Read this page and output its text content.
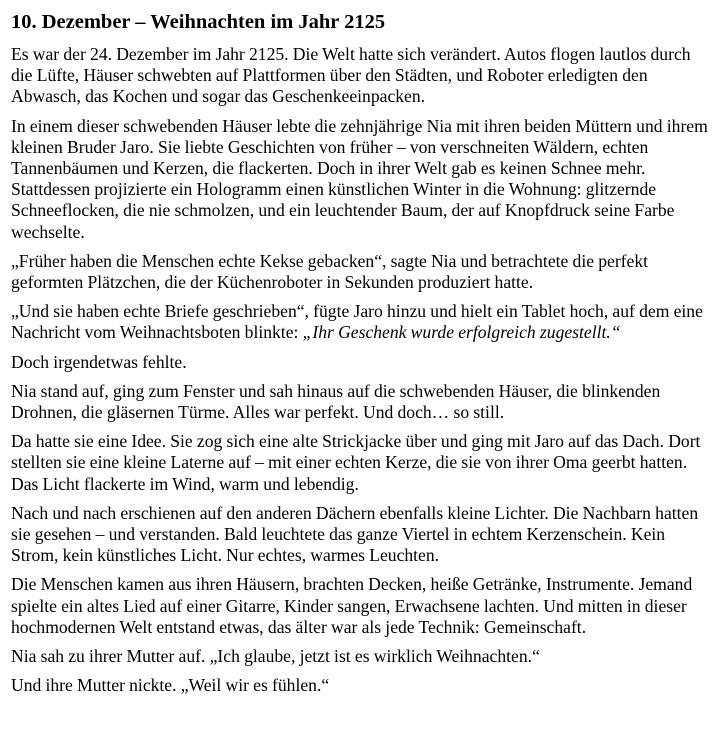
10. Dezember – Weihnachten im Jahr 2125

Es war der 24. Dezember im Jahr 2125. Die Welt hatte sich verändert. Autos flogen lautlos durch die Lüfte, Häuser schwebten auf Plattformen über den Städten, und Roboter erledigten den Abwasch, das Kochen und sogar das Geschenkeeinpacken.

In einem dieser schwebenden Häuser lebte die zehnjährige Nia mit ihren beiden Müttern und ihrem kleinen Bruder Jaro. Sie liebte Geschichten von früher – von verschneiten Wäldern, echten Tannenbäumen und Kerzen, die flackerten. Doch in ihrer Welt gab es keinen Schnee mehr. Stattdessen projizierte ein Hologramm einen künstlichen Winter in die Wohnung: glitzernde Schneeflocken, die nie schmolzen, und ein leuchtender Baum, der auf Knopfdruck seine Farbe wechselte.

„Früher haben die Menschen echte Kekse gebacken“, sagte Nia und betrachtete die perfekt geformten Plätzchen, die der Küchenroboter in Sekunden produziert hatte.

„Und sie haben echte Briefe geschrieben“, fügte Jaro hinzu und hielt ein Tablet hoch, auf dem eine Nachricht vom Weihnachtsboten blinkte: „Ihr Geschenk wurde erfolgreich zugestellt.“

Doch irgendetwas fehlte.

Nia stand auf, ging zum Fenster und sah hinaus auf die schwebenden Häuser, die blinkenden Drohnen, die gläsernen Türme. Alles war perfekt. Und doch… so still.

Da hatte sie eine Idee. Sie zog sich eine alte Strickjacke über und ging mit Jaro auf das Dach. Dort stellten sie eine kleine Laterne auf – mit einer echten Kerze, die sie von ihrer Oma geerbt hatten. Das Licht flackerte im Wind, warm und lebendig.

Nach und nach erschienen auf den anderen Dächern ebenfalls kleine Lichter. Die Nachbarn hatten sie gesehen – und verstanden. Bald leuchtete das ganze Viertel in echtem Kerzenschein. Kein Strom, kein künstliches Licht. Nur echtes, warmes Leuchten.

Die Menschen kamen aus ihren Häusern, brachten Decken, heiße Getränke, Instrumente. Jemand spielte ein altes Lied auf einer Gitarre, Kinder sangen, Erwachsene lachten. Und mitten in dieser hochmodernen Welt entstand etwas, das älter war als jede Technik: Gemeinschaft.

Nia sah zu ihrer Mutter auf. „Ich glaube, jetzt ist es wirklich Weihnachten.“

Und ihre Mutter nickte. „Weil wir es fühlen.“
